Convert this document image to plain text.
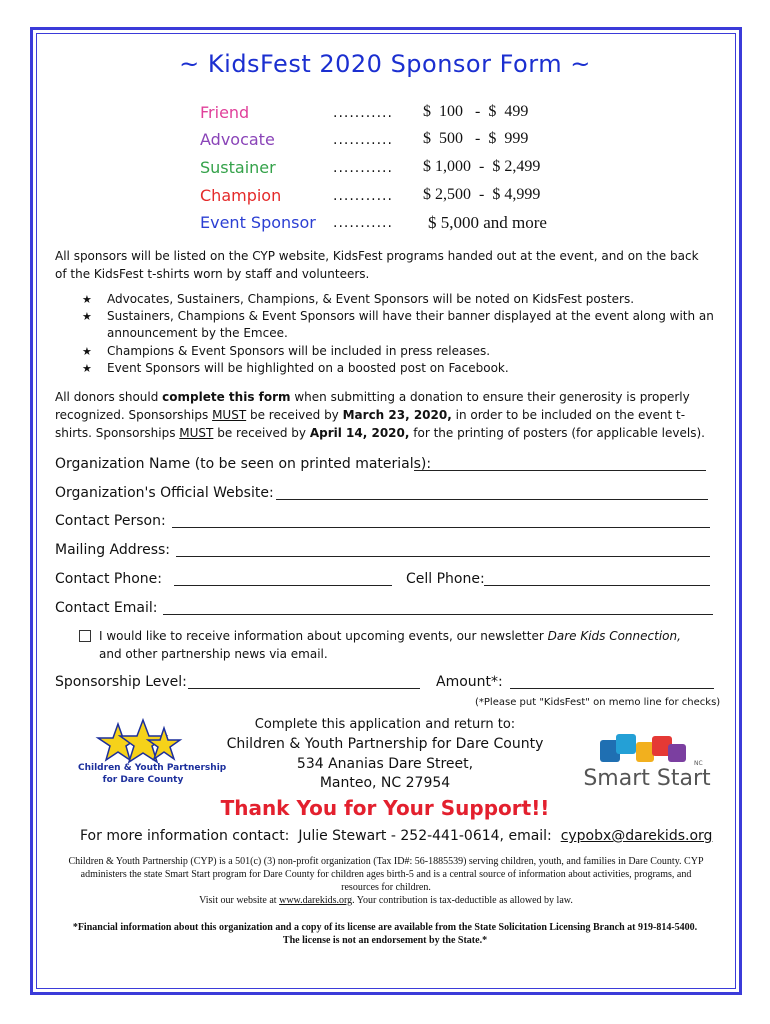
~ KidsFest 2020 Sponsor Form ~
Friend	........... $  100   -  $  499
Advocate	........... $  500   -  $  999
Sustainer	........... $ 1,000  -  $ 2,499
Champion	........... $ 2,500  -  $ 4,999
Event Sponsor ........... $ 5,000 and more
All sponsors will be listed on the CYP website, KidsFest programs handed out at the event, and on the back of the KidsFest t-shirts worn by staff and volunteers.
★ Advocates, Sustainers, Champions, & Event Sponsors will be noted on KidsFest posters.
★ Sustainers, Champions & Event Sponsors will have their banner displayed at the event along with an announcement by the Emcee.
★ Champions & Event Sponsors will be included in press releases.
★ Event Sponsors will be highlighted on a boosted post on Facebook.
All donors should complete this form when submitting a donation to ensure their generosity is properly recognized. Sponsorships MUST be received by March 23, 2020, in order to be included on the event t-shirts. Sponsorships MUST be received by April 14, 2020, for the printing of posters (for applicable levels).
Organization Name (to be seen on printed materials):
Organization's Official Website:
Contact Person:
Mailing Address:
Contact Phone:	Cell Phone:
Contact Email:
I would like to receive information about upcoming events, our newsletter Dare Kids Connection,
and other partnership news via email.
Sponsorship Level:	Amount*:
(*Please put "KidsFest" on memo line for checks)
Children & Youth Partnership
for Dare County
Complete this application and return to:
Children & Youth Partnership for Dare County
534 Ananias Dare Street,
Manteo, NC 27954	Smart Start
NC
Thank You for Your Support!!
For more information contact: Julie Stewart - 252-441-0614, email: cypobx@darekids.org
Children & Youth Partnership (CYP) is a 501(c) (3) non-profit organization (Tax ID#: 56-1885539) serving children, youth, and families in Dare County. CYP administers the state Smart Start program for Dare County for children ages birth-5 and is a central source of information about activities, programs, and resources for children.
Visit our website at www.darekids.org. Your contribution is tax-deductible as allowed by law.
*Financial information about this organization and a copy of its license are available from the State Solicitation Licensing Branch at 919-814-5400. The license is not an endorsement by the State.*
